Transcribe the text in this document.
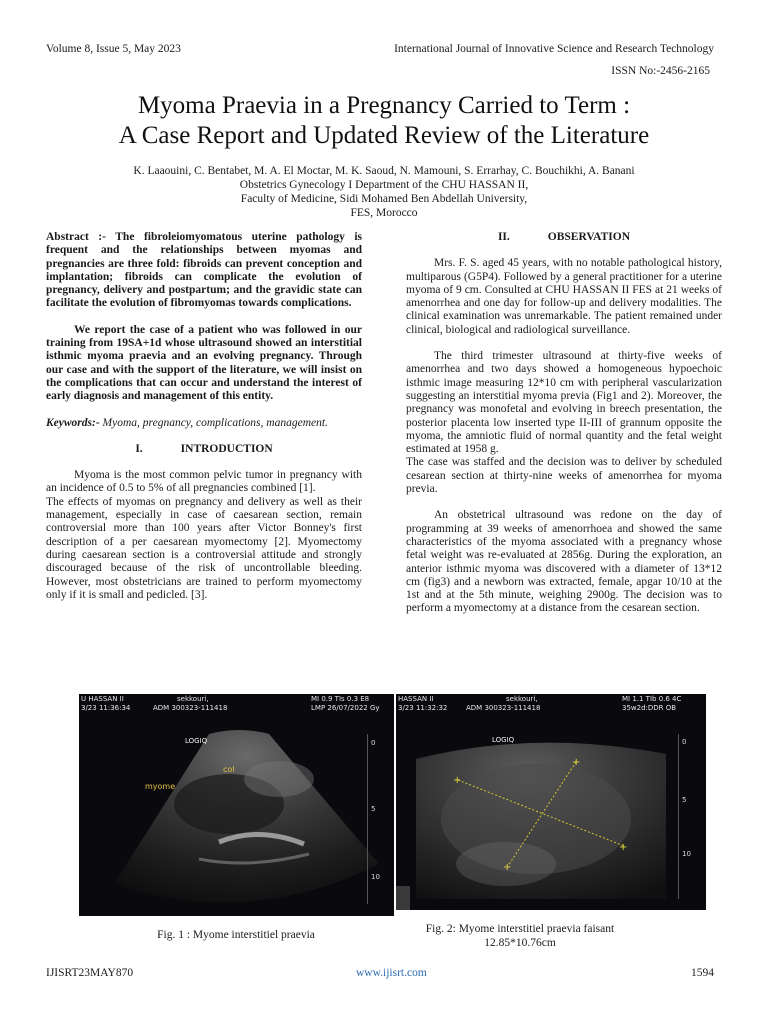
Volume 8, Issue 5, May 2023	International Journal of Innovative Science and Research Technology
ISSN No:-2456-2165
Myoma Praevia in a Pregnancy Carried to Term :
A Case Report and Updated Review of the Literature
K. Laaouini, C. Bentabet, M. A. El Moctar, M. K. Saoud, N. Mamouni, S. Errarhay, C. Bouchikhi, A. Banani
Obstetrics Gynecology I Department of the CHU HASSAN II,
Faculty of Medicine, Sidi Mohamed Ben Abdellah University,
FES, Morocco

Abstract :- The fibroleiomyomatous uterine pathology is frequent and the relationships between myomas and pregnancies are three fold: fibroids can prevent conception and implantation; fibroids can complicate the evolution of pregnancy, delivery and postpartum; and the gravidic state can facilitate the evolution of fibromyomas towards complications.

We report the case of a patient who was followed in our training from 19SA+1d whose ultrasound showed an interstitial isthmic myoma praevia and an evolving pregnancy. Through our case and with the support of the literature, we will insist on the complications that can occur and understand the interest of early diagnosis and management of this entity.

Keywords:- Myoma, pregnancy, complications, management.

I.	INTRODUCTION

Myoma is the most common pelvic tumor in pregnancy with an incidence of 0.5 to 5% of all pregnancies combined [1].

The effects of myomas on pregnancy and delivery as well as their management, especially in case of caesarean section, remain controversial more than 100 years after Victor Bonney's first description of a per caesarean myomectomy [2]. Myomectomy during caesarean section is a controversial attitude and strongly discouraged because of the risk of uncontrollable bleeding. However, most obstetricians are trained to perform myomectomy only if it is small and pedicled. [3].

II.	OBSERVATION

Mrs. F. S. aged 45 years, with no notable pathological history, multiparous (G5P4). Followed by a general practitioner for a uterine myoma of 9 cm. Consulted at CHU HASSAN II FES at 21 weeks of amenorrhea and one day for follow-up and delivery modalities. The clinical examination was unremarkable. The patient remained under clinical, biological and radiological surveillance.

The third trimester ultrasound at thirty-five weeks of amenorrhea and two days showed a homogeneous hypoechoic isthmic image measuring 12*10 cm with peripheral vascularization suggesting an interstitial myoma previa (Fig1 and 2). Moreover, the pregnancy was monofetal and evolving in breech presentation, the posterior placenta low inserted type II-III of grannum opposite the myoma, the amniotic fluid of normal quantity and the fetal weight estimated at 1958 g.

The case was staffed and the decision was to deliver by scheduled cesarean section at thirty-nine weeks of amenorrhea for myoma previa.

An obstetrical ultrasound was redone on the day of programming at 39 weeks of amenorrhoea and showed the same characteristics of the myoma associated with a pregnancy whose fetal weight was re-evaluated at 2856g. During the exploration, an anterior isthmic myoma was discovered with a diameter of 13*12 cm (fig3) and a newborn was extracted, female, apgar 10/10 at the 1st and at the 5th minute, weighing 2900g. The decision was to perform a myomectomy at a distance from the cesarean section.

U HASSAN II
3/23 11:36:34
sekkouri,
ADM 300323-111418
MI 0.9 TIs 0.3 E8
LMP 26/07/2022 Gy
LOGIQ
col
myome
0
5
10
Fig. 1 : Myome interstitiel praevia
+
+
+
+
HASSAN II
3/23 11:32:32
sekkouri,
ADM 300323-111418
MI 1.1 TIb 0.6 4C
35w2d:DDR OB
LOGIQ	0
5
10
Fig. 2: Myome interstitiel praevia faisant
12.85*10.76cm
IJISRT23MAY870	www.ijisrt.com	1594
